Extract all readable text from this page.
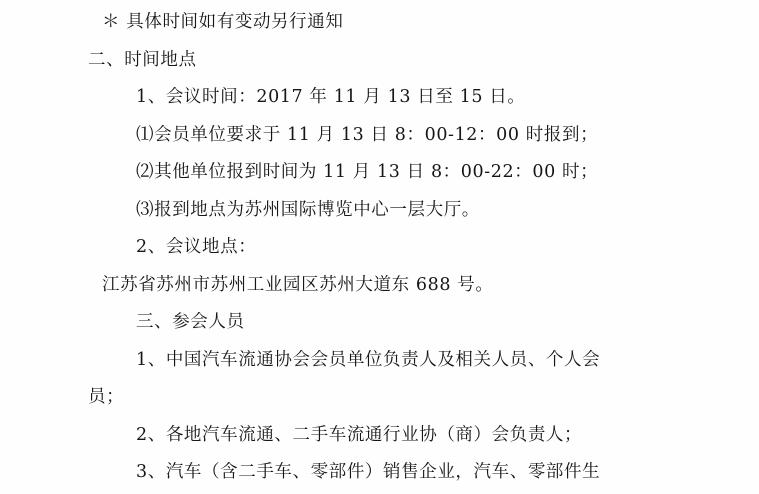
＊ 具体时间如有变动另行通知
二、时间地点
1、会议时间：2017 年 11 月 13 日至 15 日。
⑴会员单位要求于 11 月 13 日 8：00-12：00 时报到；
⑵其他单位报到时间为 11 月 13 日 8：00-22：00 时；
⑶报到地点为苏州国际博览中心一层大厅。
2、会议地点：
江苏省苏州市苏州工业园区苏州大道东 688 号。
三、参会人员
1、中国汽车流通协会会员单位负责人及相关人员、个人会
员；
2、各地汽车流通、二手车流通行业协（商）会负责人；
3、汽车（含二手车、零部件）销售企业，汽车、零部件生
